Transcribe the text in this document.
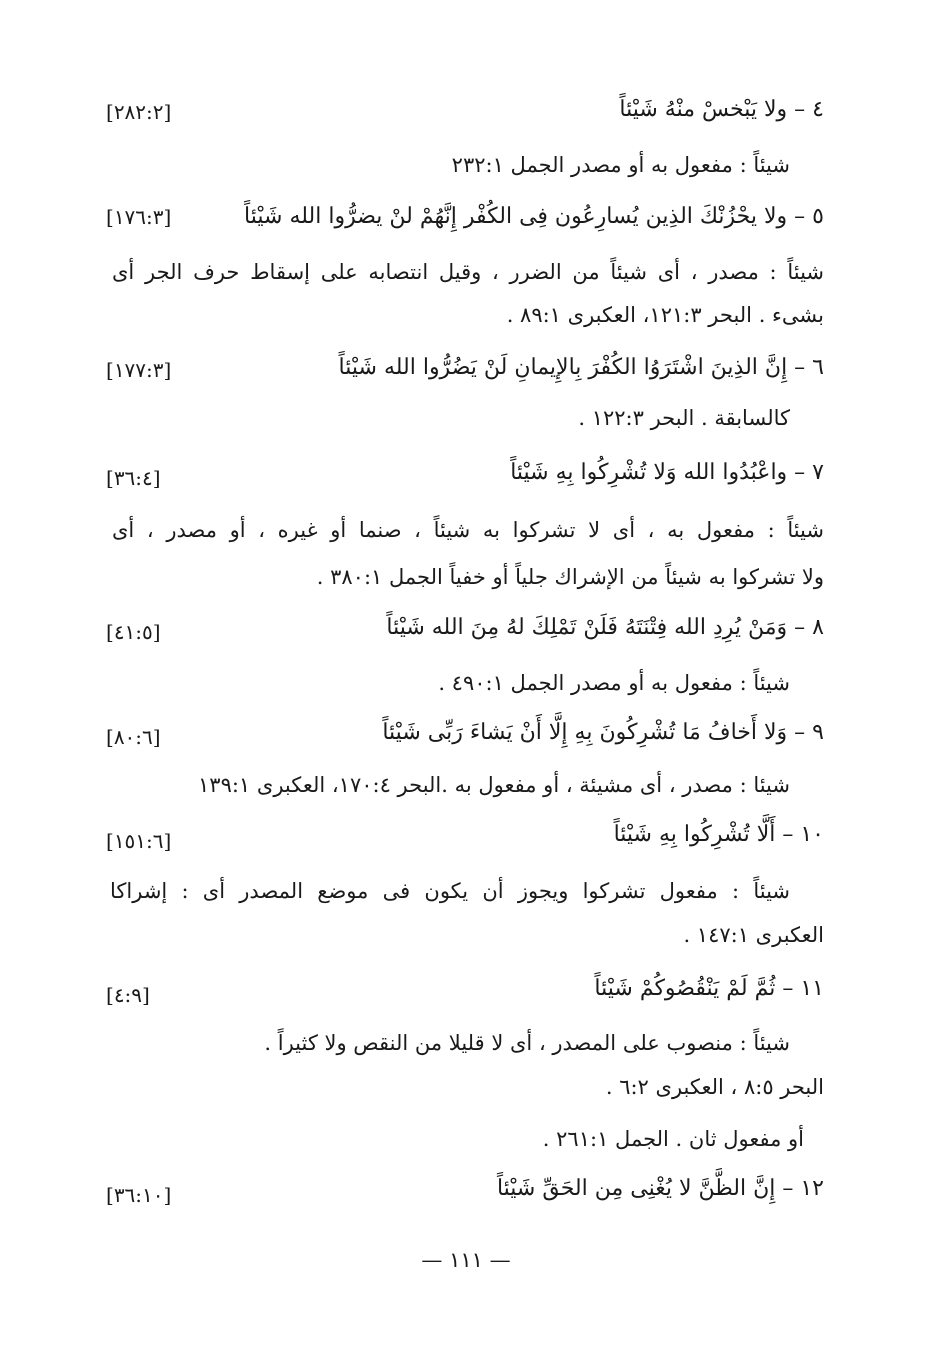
٤ – ولا يَبْخسْ منْهُ شَيْئاً
[٢٨٢:٢]
شيئاً : مفعول به أو مصدر الجمل ٢٣٢:١
٥ – ولا يحْزُنْكَ الذِين يُسارِعُون فِى الكُفْر إِنَّهُمْ لنْ يضرُّوا الله شَيْئاً
[١٧٦:٣]
شيئاً : مصدر ، أى شيئاً من الضرر ، وقيل انتصابه على إسقاط حرف الجر أى
بشىء . البحر ١٢١:٣، العكبرى ٨٩:١ .
٦ – إِنَّ الذِينَ اشْتَرَوُا الكُفْرَ بِالإِيمانِ لَنْ يَضُرُّوا الله شَيْئاً
[١٧٧:٣]
كالسابقة . البحر ١٢٢:٣ .
٧ – واعْبُدُوا الله وَلا تُشْرِكُوا بِهِ شَيْئاً
[٣٦:٤]
شيئاً : مفعول به ، أى لا تشركوا به شيئاً ، صنما أو غيره ، أو مصدر ، أى
ولا تشركوا به شيئاً من الإشراك جلياً أو خفياً الجمل ٣٨٠:١ .
٨ – وَمَنْ يُرِدِ الله فِتْنَتَهُ فَلَنْ تَمْلِكَ لهُ مِنَ الله شَيْئاً
[٤١:٥]
شيئاً : مفعول به أو مصدر الجمل ٤٩٠:١ .
٩ – وَلا أَخافُ مَا تُشْرِكُونَ بِهِ إِلَّا أَنْ يَشاءَ رَبِّى شَيْئاً
[٨٠:٦]
شيئا : مصدر ، أى مشيئة ، أو مفعول به .البحر ١٧٠:٤، العكبرى ١٣٩:١
١٠ – أَلَّا تُشْرِكُوا بِهِ شَيْئاً
[١٥١:٦]
شيئاً : مفعول تشركوا ويجوز أن يكون فى موضع المصدر أى : إشراكا
العكبرى ١٤٧:١ .
١١ – ثُمَّ لَمْ يَنْقُصُوكُمْ شَيْئاً
[٤:٩]
شيئاً : منصوب على المصدر ، أى لا قليلا من النقص ولا كثيراً .
البحر ٨:٥ ، العكبرى ٦:٢ .
أو مفعول ثان . الجمل ٢٦١:١ .
١٢ – إِنَّ الظَّنَّ لا يُغْنِى مِن الحَقِّ شَيْئاً
[٣٦:١٠]
— ١١١ —
